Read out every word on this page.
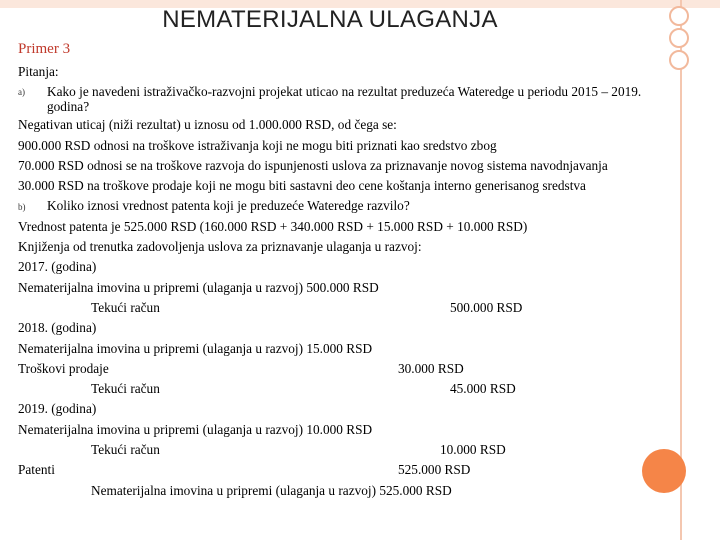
NEMATERIJALNA ULAGANJA
Primer 3
Pitanja:
a) Kako je navedeni istraživačko-razvojni projekat uticao na rezultat preduzeća Wateredge u periodu 2015 – 2019. godina?
Negativan uticaj (niži rezultat) u iznosu od 1.000.000 RSD, od čega se:
900.000 RSD odnosi na troškove istraživanja koji ne mogu biti priznati kao sredstvo zbog
70.000 RSD odnosi se na troškove razvoja do ispunjenosti uslova za priznavanje novog sistema navodnjavanja
30.000 RSD na troškove prodaje koji ne mogu biti sastavni deo cene koštanja interno generisanog sredstva
b) Koliko iznosi vrednost patenta koji je preduzeće Wateredge razvilo?
Vrednost patenta je 525.000 RSD (160.000 RSD + 340.000 RSD + 15.000 RSD + 10.000 RSD)
Knjiženja od trenutka zadovoljenja uslova za priznavanje ulaganja u razvoj:
2017. (godina)
Nematerijalna imovina u pripremi (ulaganja u razvoj) 500.000 RSD
Tekući račun	500.000 RSD
2018. (godina)
Nematerijalna imovina u pripremi (ulaganja u razvoj) 15.000 RSD
Troškovi prodaje	30.000 RSD
Tekući račun	45.000 RSD
2019. (godina)
Nematerijalna imovina u pripremi (ulaganja u razvoj) 10.000 RSD
Tekući račun	10.000 RSD
Patenti	525.000 RSD
Nematerijalna imovina u pripremi (ulaganja u razvoj) 525.000 RSD
